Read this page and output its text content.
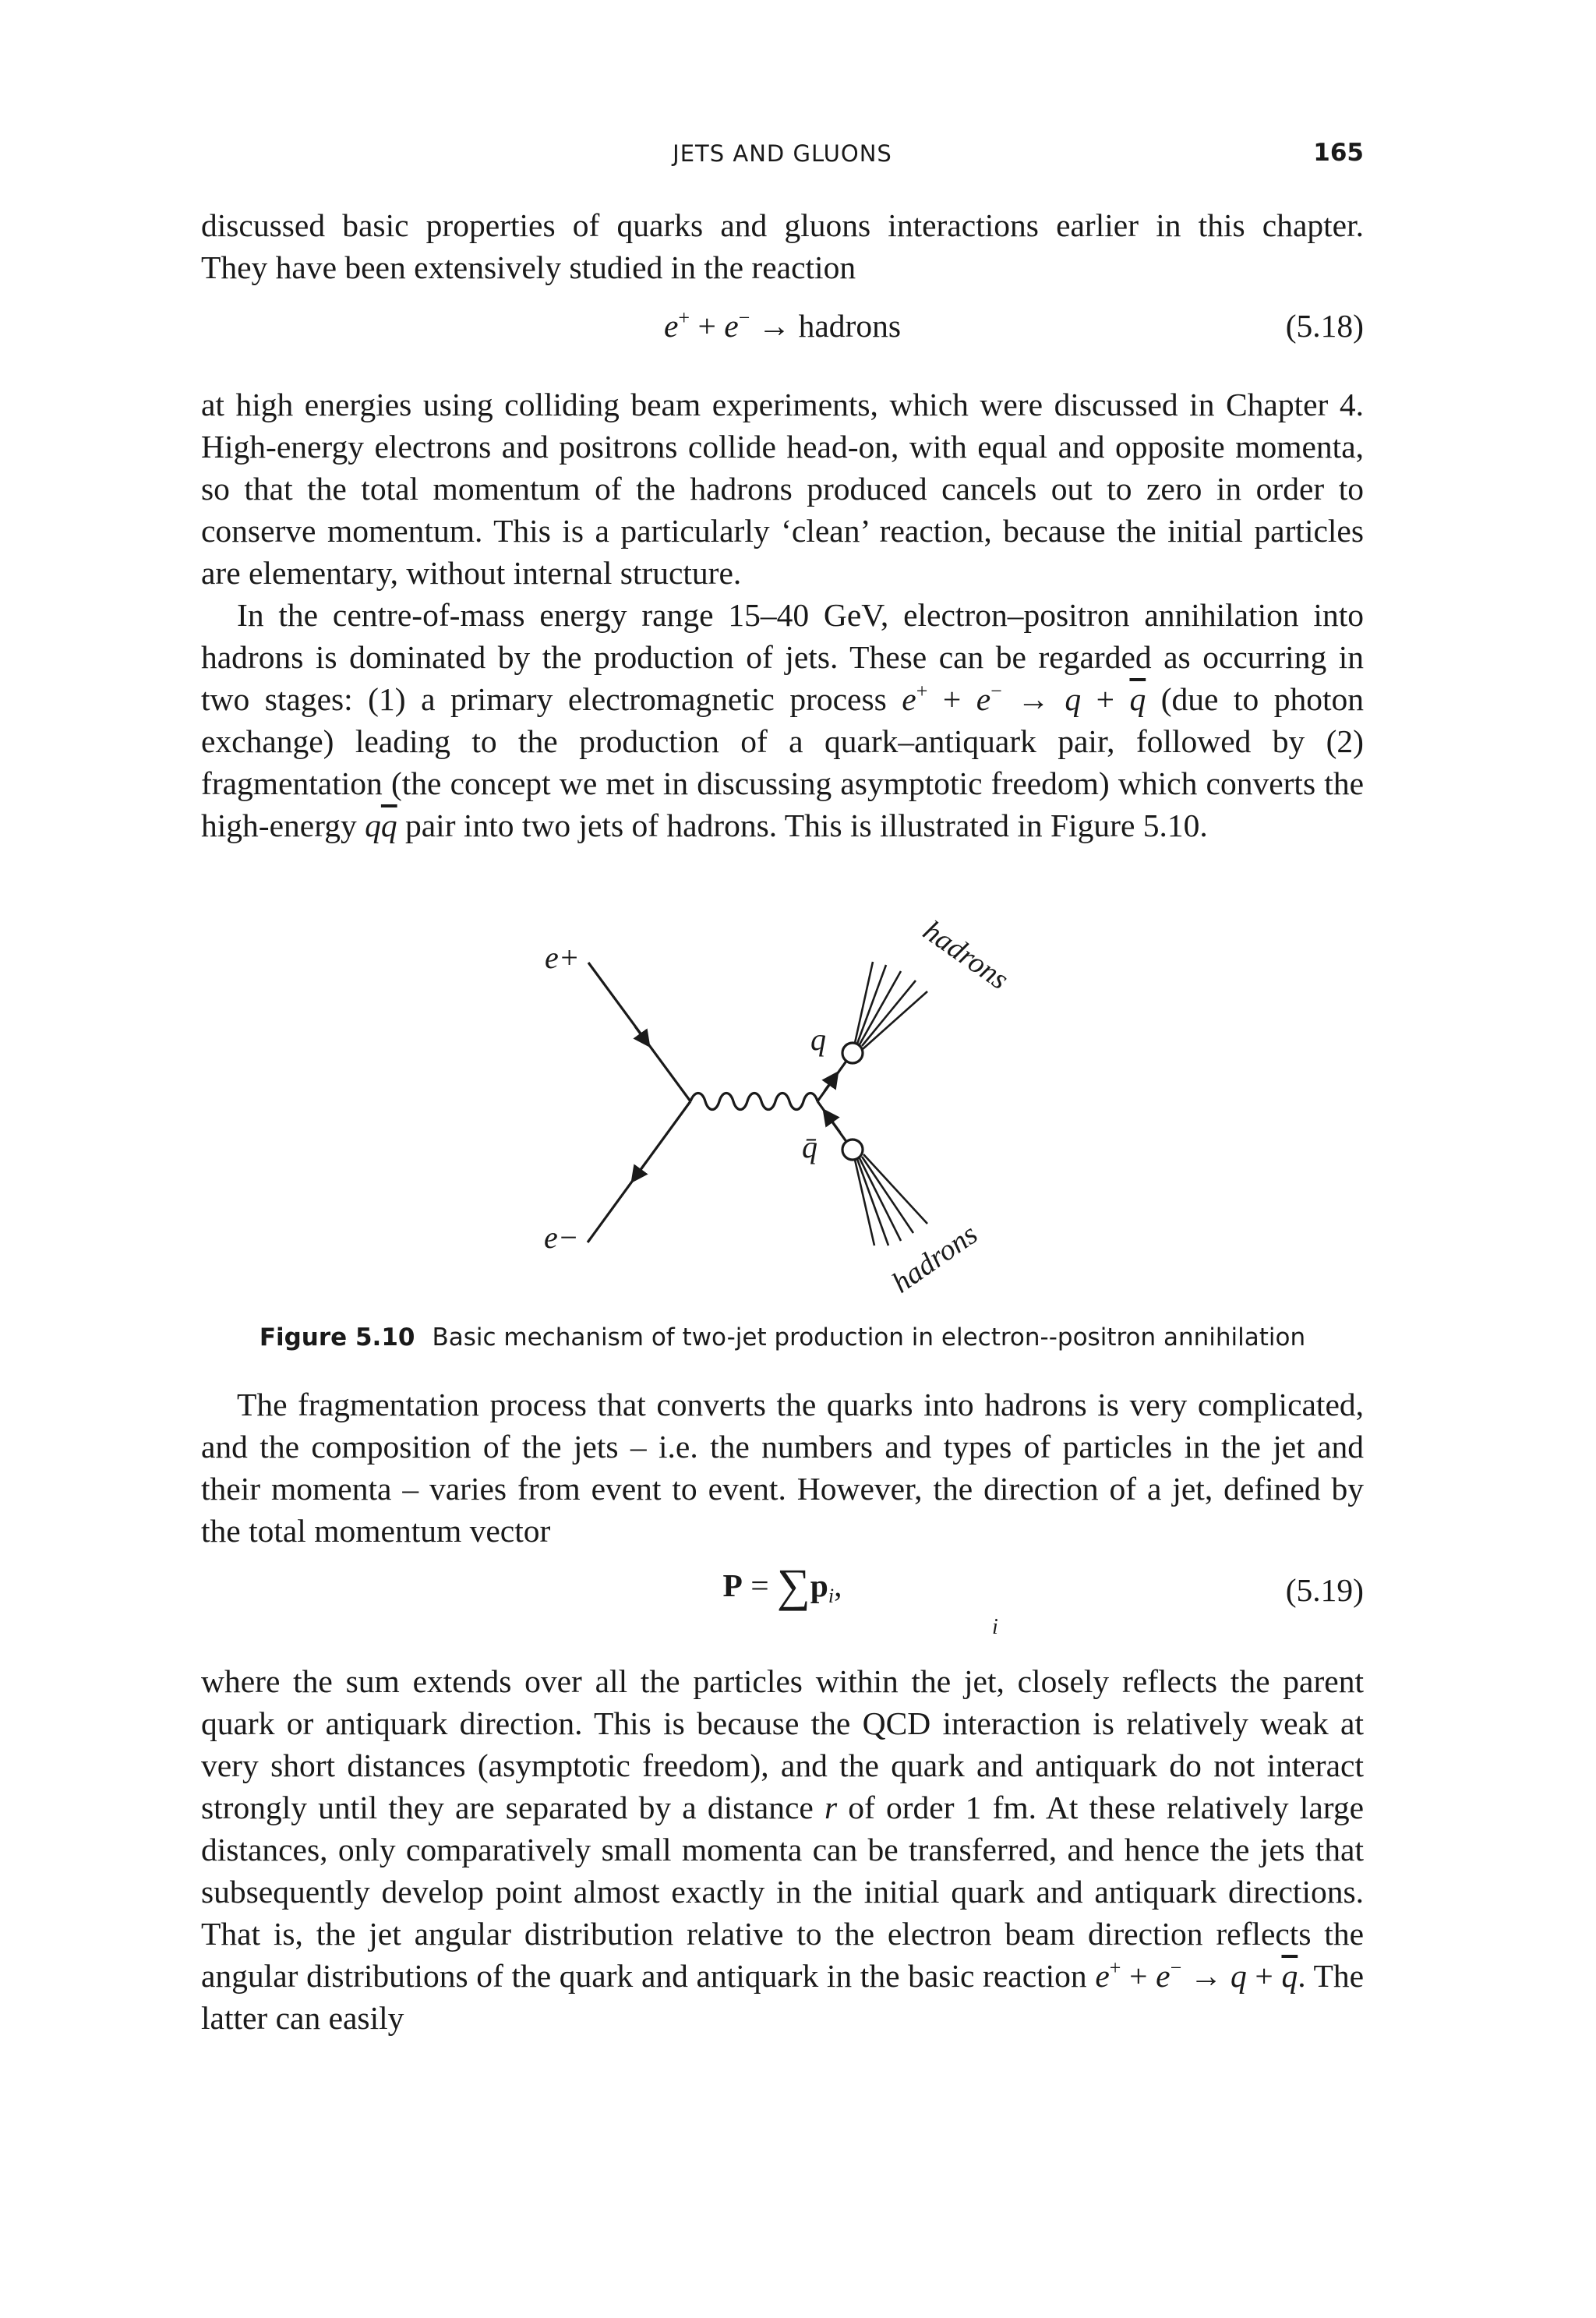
JETS AND GLUONS	165

discussed basic properties of quarks and gluons interactions earlier in this chapter.

They have been extensively studied in the reaction

e+ + e− → hadrons	(5.18)

at high energies using colliding beam experiments, which were discussed in Chapter 4. High-energy electrons and positrons collide head-on, with equal and opposite momenta, so that the total momentum of the hadrons produced cancels out to zero in order to conserve momentum. This is a particularly ‘clean’ reaction, because the initial particles are elementary, without internal structure.

In the centre-of-mass energy range 15–40 GeV, electron–positron annihilation into hadrons is dominated by the production of jets. These can be regarded as occurring in two stages: (1) a primary electromagnetic process $e^+ + e^- \to q + \overline{q}$ (due to photon exchange) leading to the production of a quark–antiquark pair, followed by (2) fragmentation (the concept we met in discussing asymptotic freedom) which converts the high-energy $q\overline{q}$ pair into two jets of hadrons. This is illustrated in Figure 5.10.

e+
e−
q
q̄
hadrons
hadrons
Figure 5.10 Basic mechanism of two-jet production in electron--positron annihilation

The fragmentation process that converts the quarks into hadrons is very complicated, and the composition of the jets – i.e. the numbers and types of particles in the jet and their momenta – varies from event to event. However, the direction of a jet, defined by the total momentum vector

$P = \sum p_i$,
i
(5.19)

where the sum extends over all the particles within the jet, closely reflects the parent quark or antiquark direction. This is because the QCD interaction is relatively weak at very short distances (asymptotic freedom), and the quark and antiquark do not interact strongly until they are separated by a distance r of order 1 fm. At these relatively large distances, only comparatively small momenta can be transferred, and hence the jets that subsequently develop point almost exactly in the initial quark and antiquark directions. That is, the jet angular distribution relative to the electron beam direction reflects the angular distributions of the quark and antiquark in the basic reaction $e^+ + e^- \to q + \overline{q}$. The latter can easily
